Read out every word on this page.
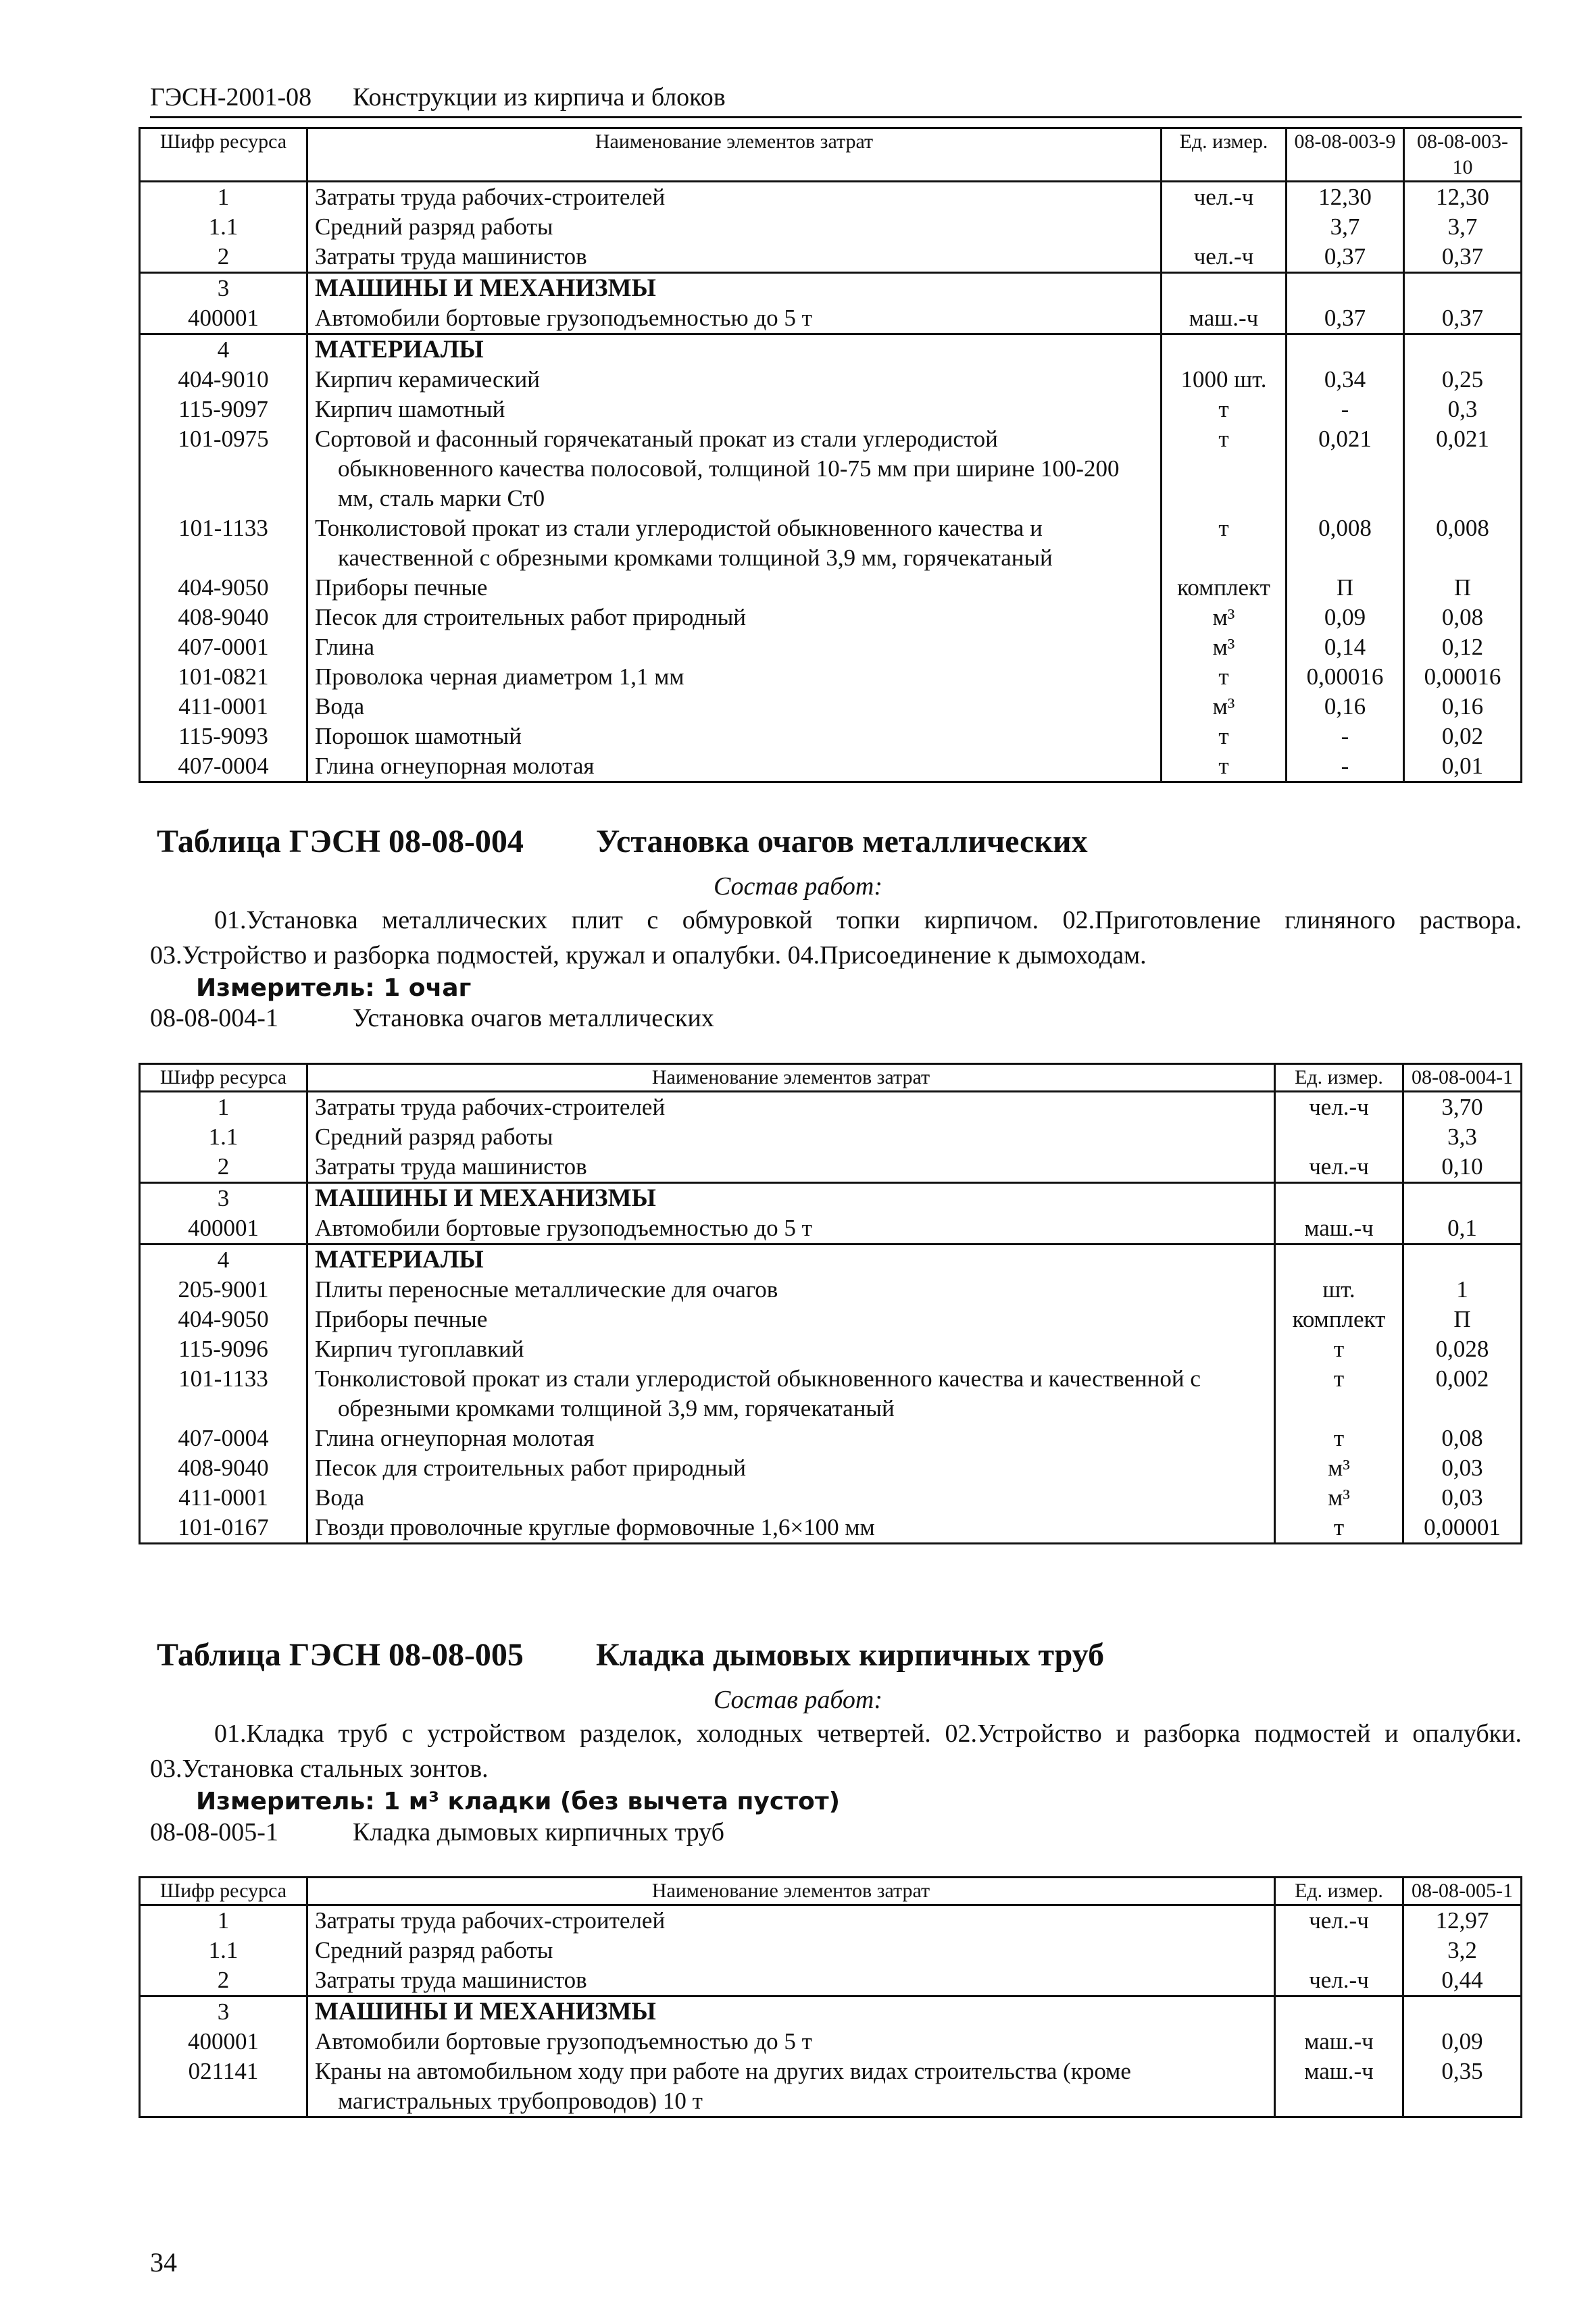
ГЭСН-2001-08 Конструкции из кирпича и блоков
Шифр ресурса	Наименование элементов затрат	Ед. измер.	08-08-003-9	08-08-003-10
1	Затраты труда рабочих-строителей	чел.-ч	12,30	12,30
1.1	Средний разряд работы		3,7	3,7
2	Затраты труда машинистов	чел.-ч	0,37	0,37
3	МАШИНЫ И МЕХАНИЗМЫ			

400001	Автомобили бортовые грузоподъемностью до 5 т	маш.-ч	0,37	0,37
4	МАТЕРИАЛЫ			

404-9010	Кирпич керамический	1000 шт.	0,34	0,25
115-9097	Кирпич шамотный	т	-	0,3
101-0975	Сортовой и фасонный горячекатаный прокат из стали углеродистой обыкновенного качества полосовой, толщиной 10-75 мм при ширине 100-200 мм, сталь марки Ст0	т	0,021	0,021
101-1133	Тонколистовой прокат из стали углеродистой обыкновенного качества и качественной с обрезными кромками толщиной 3,9 мм, горячекатаный	т	0,008	0,008
404-9050	Приборы печные	комплект	П	П
408-9040	Песок для строительных работ природный	м³	0,09	0,08
407-0001	Глина	м³	0,14	0,12
101-0821	Проволока черная диаметром 1,1 мм	т	0,00016	0,00016
411-0001	Вода	м³	0,16	0,16
115-9093	Порошок шамотный	т	-	0,02
407-0004	Глина огнеупорная молотая	т	-	0,01
Таблица ГЭСН 08-08-004 Установка очагов металлических
Состав работ:
01.Установка металлических плит с обмуровкой топки кирпичом. 02.Приготовление глиняного раствора. 03.Устройство и разборка подмостей, кружал и опалубки. 04.Присоединение к дымоходам.
Измеритель: 1 очаг
08-08-004-1	Установка очагов металлических
Шифр ресурса	Наименование элементов затрат	Ед. измер.	08-08-004-1
1	Затраты труда рабочих-строителей	чел.-ч	3,70
1.1	Средний разряд работы		3,3
2	Затраты труда машинистов	чел.-ч	0,10
3	МАШИНЫ И МЕХАНИЗМЫ		

400001	Автомобили бортовые грузоподъемностью до 5 т	маш.-ч	0,1
4	МАТЕРИАЛЫ		

205-9001	Плиты переносные металлические для очагов	шт.	1
404-9050	Приборы печные	комплект	П
115-9096	Кирпич тугоплавкий	т	0,028
101-1133	Тонколистовой прокат из стали углеродистой обыкновенного качества и качественной с обрезными кромками толщиной 3,9 мм, горячекатаный	т	0,002
407-0004	Глина огнеупорная молотая	т	0,08
408-9040	Песок для строительных работ природный	м³	0,03
411-0001	Вода	м³	0,03
101-0167	Гвозди проволочные круглые формовочные 1,6×100 мм	т	0,00001
Таблица ГЭСН 08-08-005 Кладка дымовых кирпичных труб
Состав работ:
01.Кладка труб с устройством разделок, холодных четвертей. 02.Устройство и разборка подмостей и опалубки. 03.Установка стальных зонтов.
Измеритель: 1 м³ кладки (без вычета пустот)
08-08-005-1	Кладка дымовых кирпичных труб
Шифр ресурса	Наименование элементов затрат	Ед. измер.	08-08-005-1
1	Затраты труда рабочих-строителей	чел.-ч	12,97
1.1	Средний разряд работы		3,2
2	Затраты труда машинистов	чел.-ч	0,44
3	МАШИНЫ И МЕХАНИЗМЫ		

400001	Автомобили бортовые грузоподъемностью до 5 т	маш.-ч	0,09
021141	Краны на автомобильном ходу при работе на других видах строительства (кроме магистральных трубопроводов) 10 т	маш.-ч	0,35
34
